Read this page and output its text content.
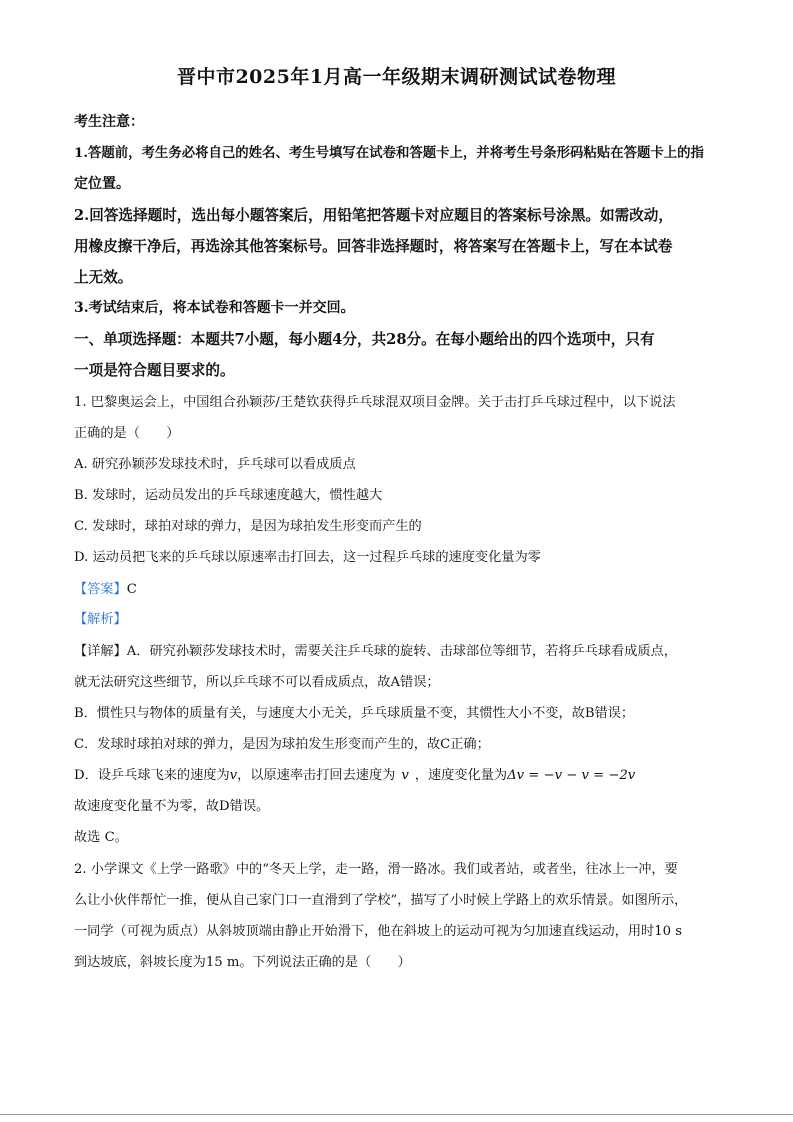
晋中市2025年1月高一年级期末调研测试试卷物理
考生注意：
1.答题前，考生务必将自己的姓名、考生号填写在试卷和答题卡上，并将考生号条形码粘贴在答题卡上的指
定位置。
2.回答选择题时，选出每小题答案后，用铅笔把答题卡对应题目的答案标号涂黑。如需改动，
用橡皮擦干净后，再选涂其他答案标号。回答非选择题时，将答案写在答题卡上，写在本试卷
上无效。
3.考试结束后，将本试卷和答题卡一并交回。
一、单项选择题：本题共7小题，每小题4分，共28分。在每小题给出的四个选项中，只有
一项是符合题目要求的。
1. 巴黎奥运会上，中国组合孙颖莎/王楚钦获得乒乓球混双项目金牌。关于击打乒乓球过程中，以下说法
正确的是（　　）
A. 研究孙颖莎发球技术时，乒乓球可以看成质点
B. 发球时，运动员发出的乒乓球速度越大，惯性越大
C. 发球时，球拍对球的弹力，是因为球拍发生形变而产生的
D. 运动员把飞来的乒乓球以原速率击打回去，这一过程乒乓球的速度变化量为零
【答案】C
【解析】
【详解】A．研究孙颖莎发球技术时，需要关注乒乓球的旋转、击球部位等细节，若将乒乓球看成质点，
就无法研究这些细节，所以乒乓球不可以看成质点，故A错误；
B．惯性只与物体的质量有关，与速度大小无关，乒乓球质量不变，其惯性大小不变，故B错误；
C．发球时球拍对球的弹力，是因为球拍发生形变而产生的，故C正确；
D．设乒乓球飞来的速度为v，以原速率击打回去速度为 v ，速度变化量为Δv = −v − v = −2v
故速度变化量不为零，故D错误。
故选 C。
2. 小学课文《上学一路歌》中的“冬天上学，走一路，滑一路冰。我们或者站，或者坐，往冰上一冲，要
么让小伙伴帮忙一推，便从自己家门口一直滑到了学校”，描写了小时候上学路上的欢乐情景。如图所示，
一同学（可视为质点）从斜坡顶端由静止开始滑下，他在斜坡上的运动可视为匀加速直线运动，用时10 s
到达坡底，斜坡长度为15 m。下列说法正确的是（　　）
